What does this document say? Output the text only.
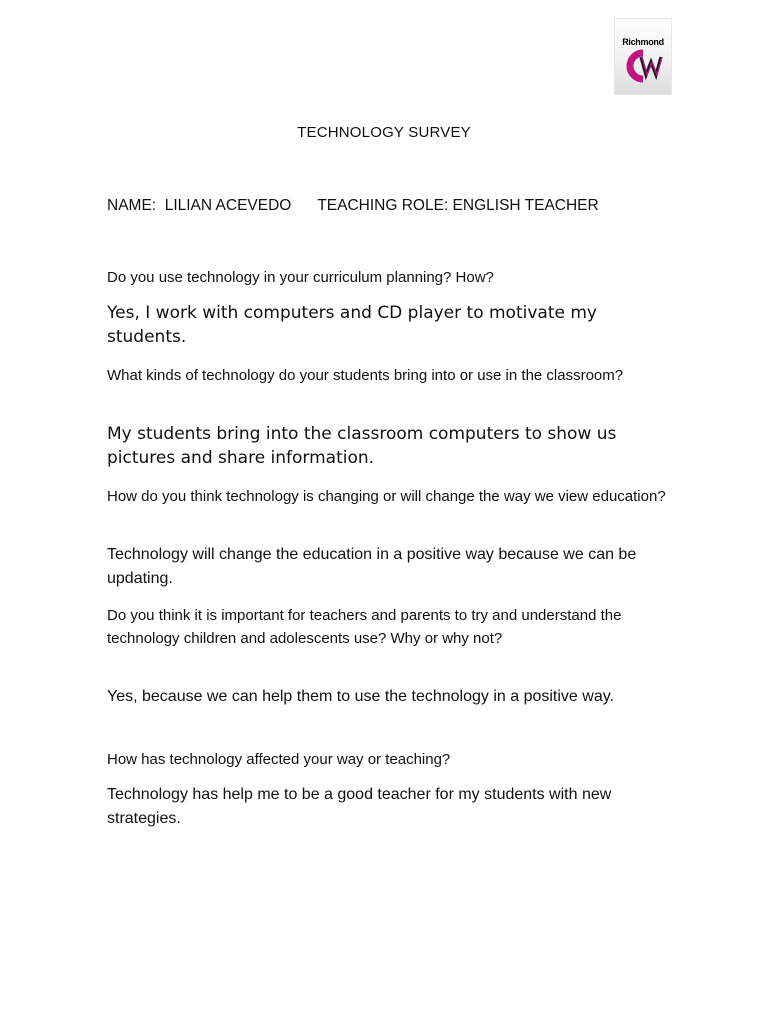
Richmond
TECHNOLOGY SURVEY

NAME:  LILIAN ACEVEDO TEACHING ROLE: ENGLISH TEACHER

Do you use technology in your curriculum planning? How?

Yes, I work with computers and CD player to motivate my students.

What kinds of technology do your students bring into or use in the classroom?

My students bring into the classroom computers to show us pictures and share information.

How do you think technology is changing or will change the way we view education?

Technology will change the education in a positive way because we can be updating.

Do you think it is important for teachers and parents to try and understand the technology children and adolescents use? Why or why not?

Yes, because we can help them to use the technology in a positive way.

How has technology affected your way or teaching?

Technology has help me to be a good teacher for my students with new strategies.
